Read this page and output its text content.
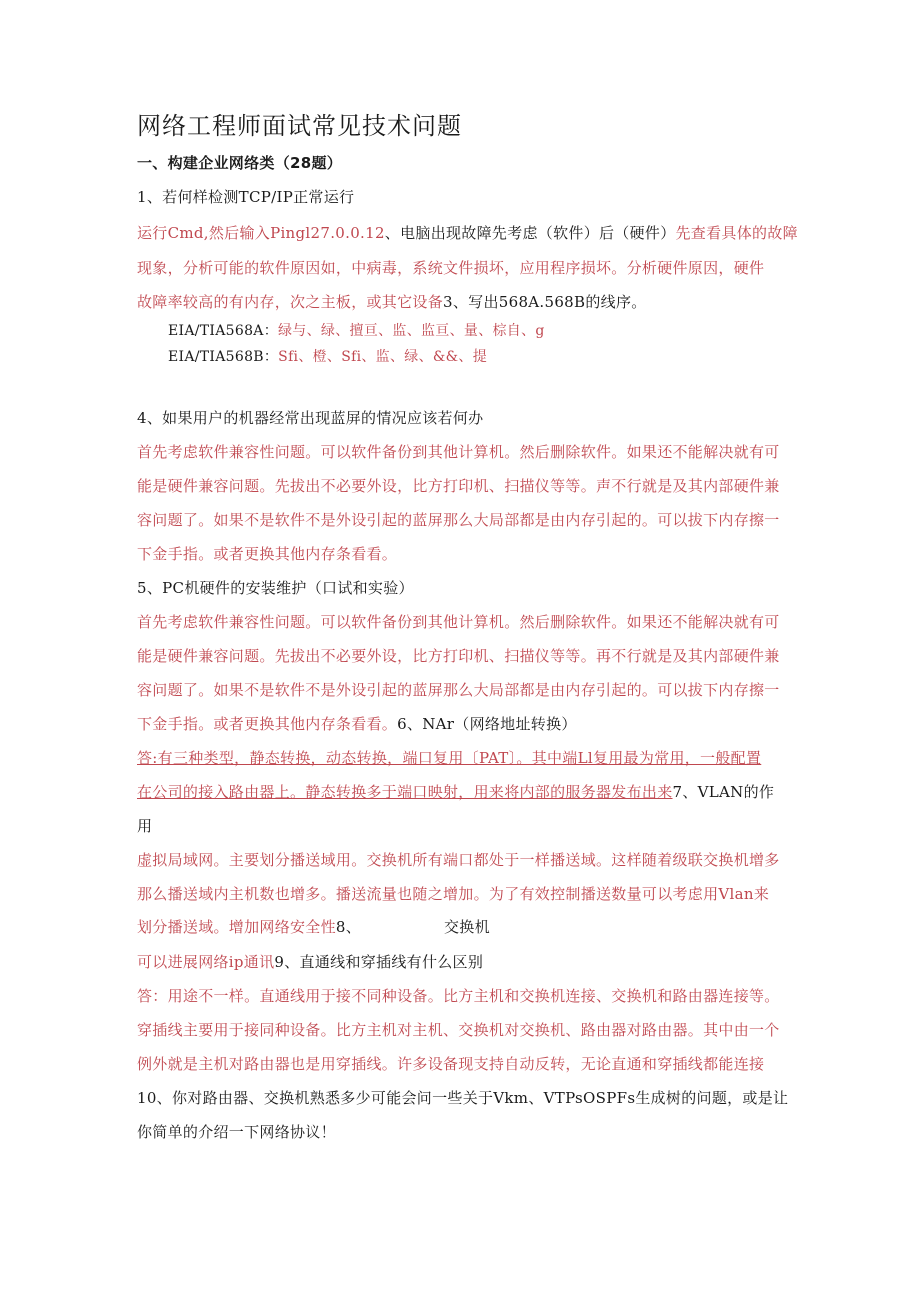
网络工程师面试常见技术问题
一、构建企业网络类（28题）
1、若何样检测TCP/IP正常运行
运行Cmd,然后输入Pingl27.0.0.12、电脑出现故障先考虑（软件）后（硬件）先查看具体的故障
现象，分析可能的软件原因如，中病毒，系统文件损坏，应用程序损坏。分析硬件原因，硬件
故障率较高的有内存，次之主板，或其它设备3、写出568A.568B的线序。
EIA/TIA568A：绿与、绿、擅亘、监、监亘、量、棕自、g
EIA/TIA568B：Sfi、橙、Sfi、监、绿、&&、提
4、如果用户的机器经常出现蓝屏的情况应该若何办
首先考虑软件兼容性问题。可以软件备份到其他计算机。然后删除软件。如果还不能解决就有可
能是硬件兼容问题。先拔出不必要外设，比方打印机、扫描仪等等。声不行就是及其内部硬件兼
容问题了。如果不是软件不是外设引起的蓝屏那么大局部都是由内存引起的。可以拔下内存擦一
下金手指。或者更换其他内存条看看。
5、PC机硬件的安装维护（口试和实验）
首先考虑软件兼容性问题。可以软件备份到其他计算机。然后删除软件。如果还不能解决就有可
能是硬件兼容问题。先拔出不必要外设，比方打印机、扫描仪等等。再不行就是及其内部硬件兼
容问题了。如果不是软件不是外设引起的蓝屏那么大局部都是由内存引起的。可以拔下内存擦一
下金手指。或者更换其他内存条看看。6、NAr（网络地址转换）
答:有三种类型，静态转换，动态转换，端口复用〔PAT〕。其中端Ll复用最为常用，一般配置
在公司的接入路由器上。静态转换多于端口映射，用来将内部的服务器发布出来7、VLAN的作
用
虚拟局域网。主要划分播送域用。交换机所有端口都处于一样播送域。这样随着级联交换机增多
那么播送域内主机数也增多。播送流量也随之增加。为了有效控制播送数量可以考虑用Vlan来
划分播送域。增加网络安全性8、	交换机
可以进展网络ip通讯9、直通线和穿插线有什么区别
答：用途不一样。直通线用于接不同种设备。比方主机和交换机连接、交换机和路由器连接等。
穿插线主要用于接同种设备。比方主机对主机、交换机对交换机、路由器对路由器。其中由一个
例外就是主机对路由器也是用穿插线。许多设备现支持自动反转，无论直通和穿插线都能连接
10、你对路由器、交换机熟悉多少可能会问一些关于Vkm、VTPsOSPFs生成树的问题，或是让
你简单的介绍一下网络协议！
